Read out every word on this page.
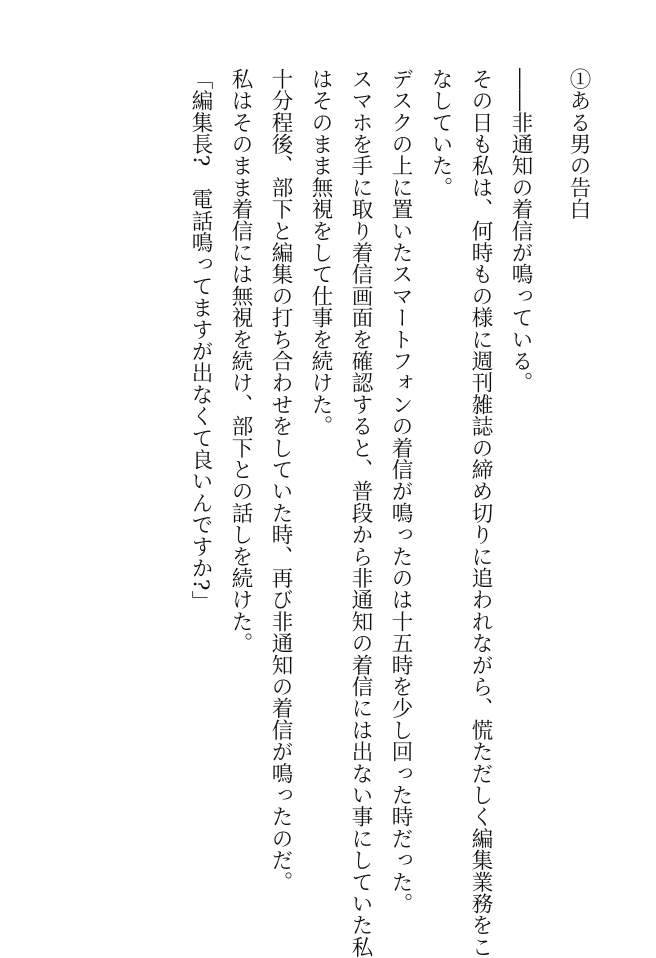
①ある男の告白
――非通知の着信が鳴っている。
その日も私は、何時もの様に週刊雑誌の締め切りに追われながら、慌ただしく編集業務をこ
なしていた。
デスクの上に置いたスマートフォンの着信が鳴ったのは十五時を少し回った時だった。
スマホを手に取り着信画面を確認すると、普段から非通知の着信には出ない事にしていた私
はそのまま無視をして仕事を続けた。
十分程後、部下と編集の打ち合わせをしていた時、再び非通知の着信が鳴ったのだ。
私はそのまま着信には無視を続け、部下との話しを続けた。
「編集長?　電話鳴ってますが出なくて良いんですか?」
